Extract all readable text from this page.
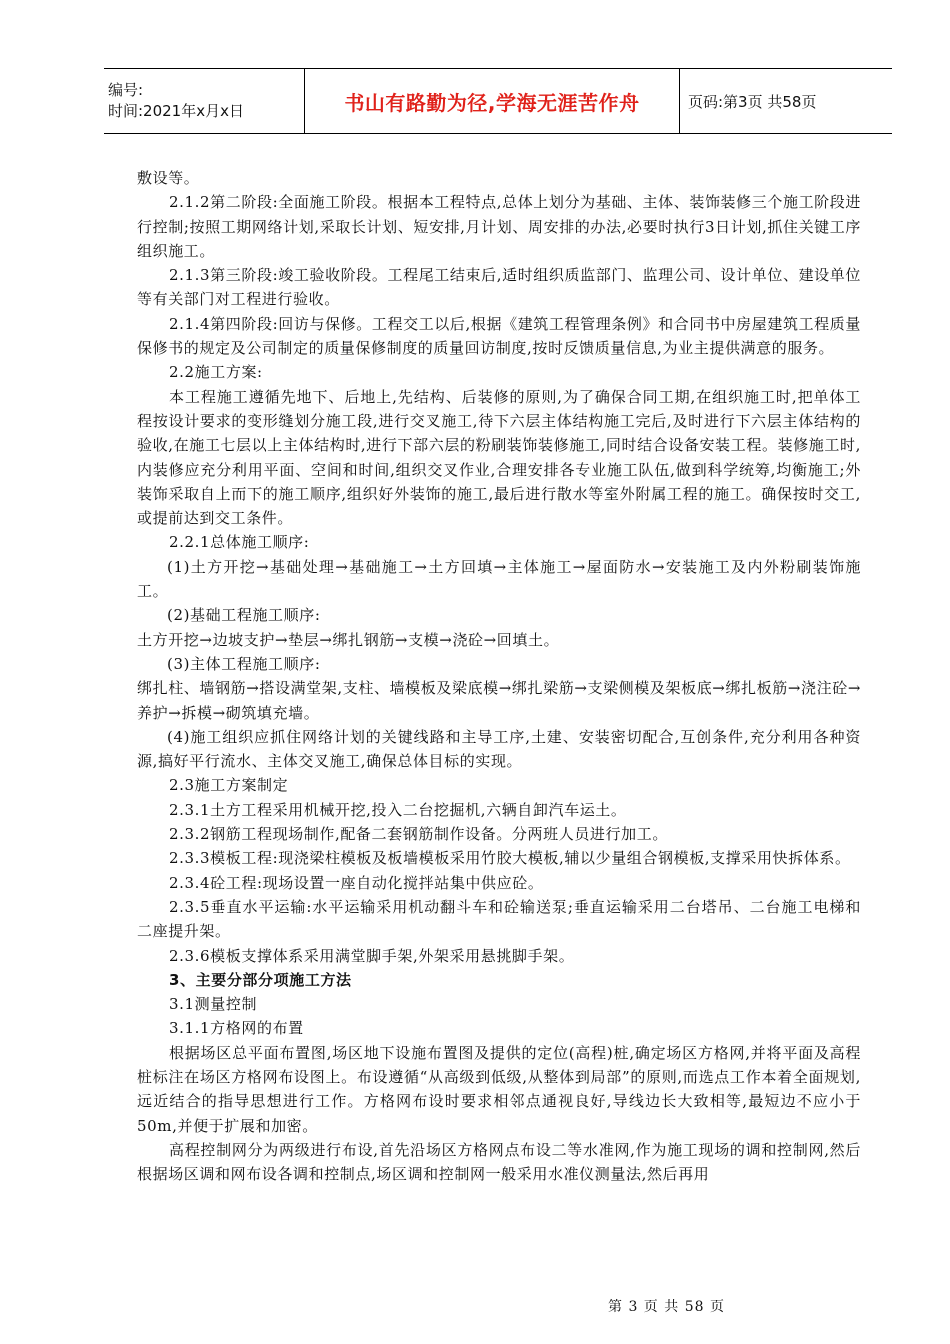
编号:
时间:2021年x月x日	书山有路勤为径,学海无涯苦作舟	页码:第3页 共58页

敷设等。

2.1.2第二阶段:全面施工阶段。根据本工程特点,总体上划分为基础、主体、装饰装修三个施工阶段进行控制;按照工期网络计划,采取长计划、短安排,月计划、周安排的办法,必要时执行3日计划,抓住关键工序组织施工。

2.1.3第三阶段:竣工验收阶段。工程尾工结束后,适时组织质监部门、监理公司、设计单位、建设单位等有关部门对工程进行验收。

2.1.4第四阶段:回访与保修。工程交工以后,根据《建筑工程管理条例》和合同书中房屋建筑工程质量保修书的规定及公司制定的质量保修制度的质量回访制度,按时反馈质量信息,为业主提供满意的服务。

2.2施工方案:

本工程施工遵循先地下、后地上,先结构、后装修的原则,为了确保合同工期,在组织施工时,把单体工程按设计要求的变形缝划分施工段,进行交叉施工,待下六层主体结构施工完后,及时进行下六层主体结构的验收,在施工七层以上主体结构时,进行下部六层的粉刷装饰装修施工,同时结合设备安装工程。装修施工时,内装修应充分利用平面、空间和时间,组织交叉作业,合理安排各专业施工队伍,做到科学统筹,均衡施工;外装饰采取自上而下的施工顺序,组织好外装饰的施工,最后进行散水等室外附属工程的施工。确保按时交工,或提前达到交工条件。

2.2.1总体施工顺序:

(1)土方开挖→基础处理→基础施工→土方回填→主体施工→屋面防水→安装施工及内外粉刷装饰施工。

(2)基础工程施工顺序:

土方开挖→边坡支护→垫层→绑扎钢筋→支模→浇砼→回填土。

(3)主体工程施工顺序:

绑扎柱、墙钢筋→搭设满堂架,支柱、墙模板及梁底模→绑扎梁筋→支梁侧模及架板底→绑扎板筋→浇注砼→养护→拆模→砌筑填充墙。

(4)施工组织应抓住网络计划的关键线路和主导工序,土建、安装密切配合,互创条件,充分利用各种资源,搞好平行流水、主体交叉施工,确保总体目标的实现。

2.3施工方案制定

2.3.1土方工程采用机械开挖,投入二台挖掘机,六辆自卸汽车运土。

2.3.2钢筋工程现场制作,配备二套钢筋制作设备。分两班人员进行加工。

2.3.3模板工程:现浇梁柱模板及板墙模板采用竹胶大模板,辅以少量组合钢模板,支撑采用快拆体系。

2.3.4砼工程:现场设置一座自动化搅拌站集中供应砼。

2.3.5垂直水平运输:水平运输采用机动翻斗车和砼输送泵;垂直运输采用二台塔吊、二台施工电梯和二座提升架。

2.3.6模板支撑体系采用满堂脚手架,外架采用悬挑脚手架。

3、主要分部分项施工方法

3.1测量控制

3.1.1方格网的布置

根据场区总平面布置图,场区地下设施布置图及提供的定位(高程)桩,确定场区方格网,并将平面及高程桩标注在场区方格网布设图上。布设遵循“从高级到低级,从整体到局部”的原则,而选点工作本着全面规划,远近结合的指导思想进行工作。方格网布设时要求相邻点通视良好,导线边长大致相等,最短边不应小于50m,并便于扩展和加密。

高程控制网分为两级进行布设,首先沿场区方格网点布设二等水准网,作为施工现场的调和控制网,然后根据场区调和网布设各调和控制点,场区调和控制网一般采用水准仪测量法,然后再用

第 3 页 共 58 页
